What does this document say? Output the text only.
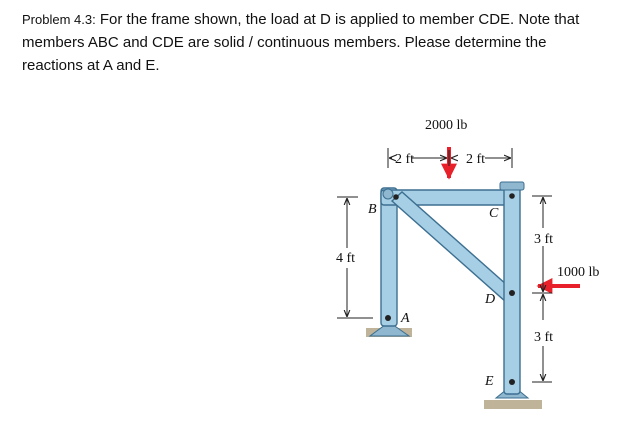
Problem 4.3: For the frame shown, the load at D is applied to member CDE. Note that members ABC and CDE are solid / continuous members. Please determine the reactions at A and E.
B	C
D
A
E
2000 lb
1000 lb
2 ft	2 ft
4 ft
3 ft
3 ft
